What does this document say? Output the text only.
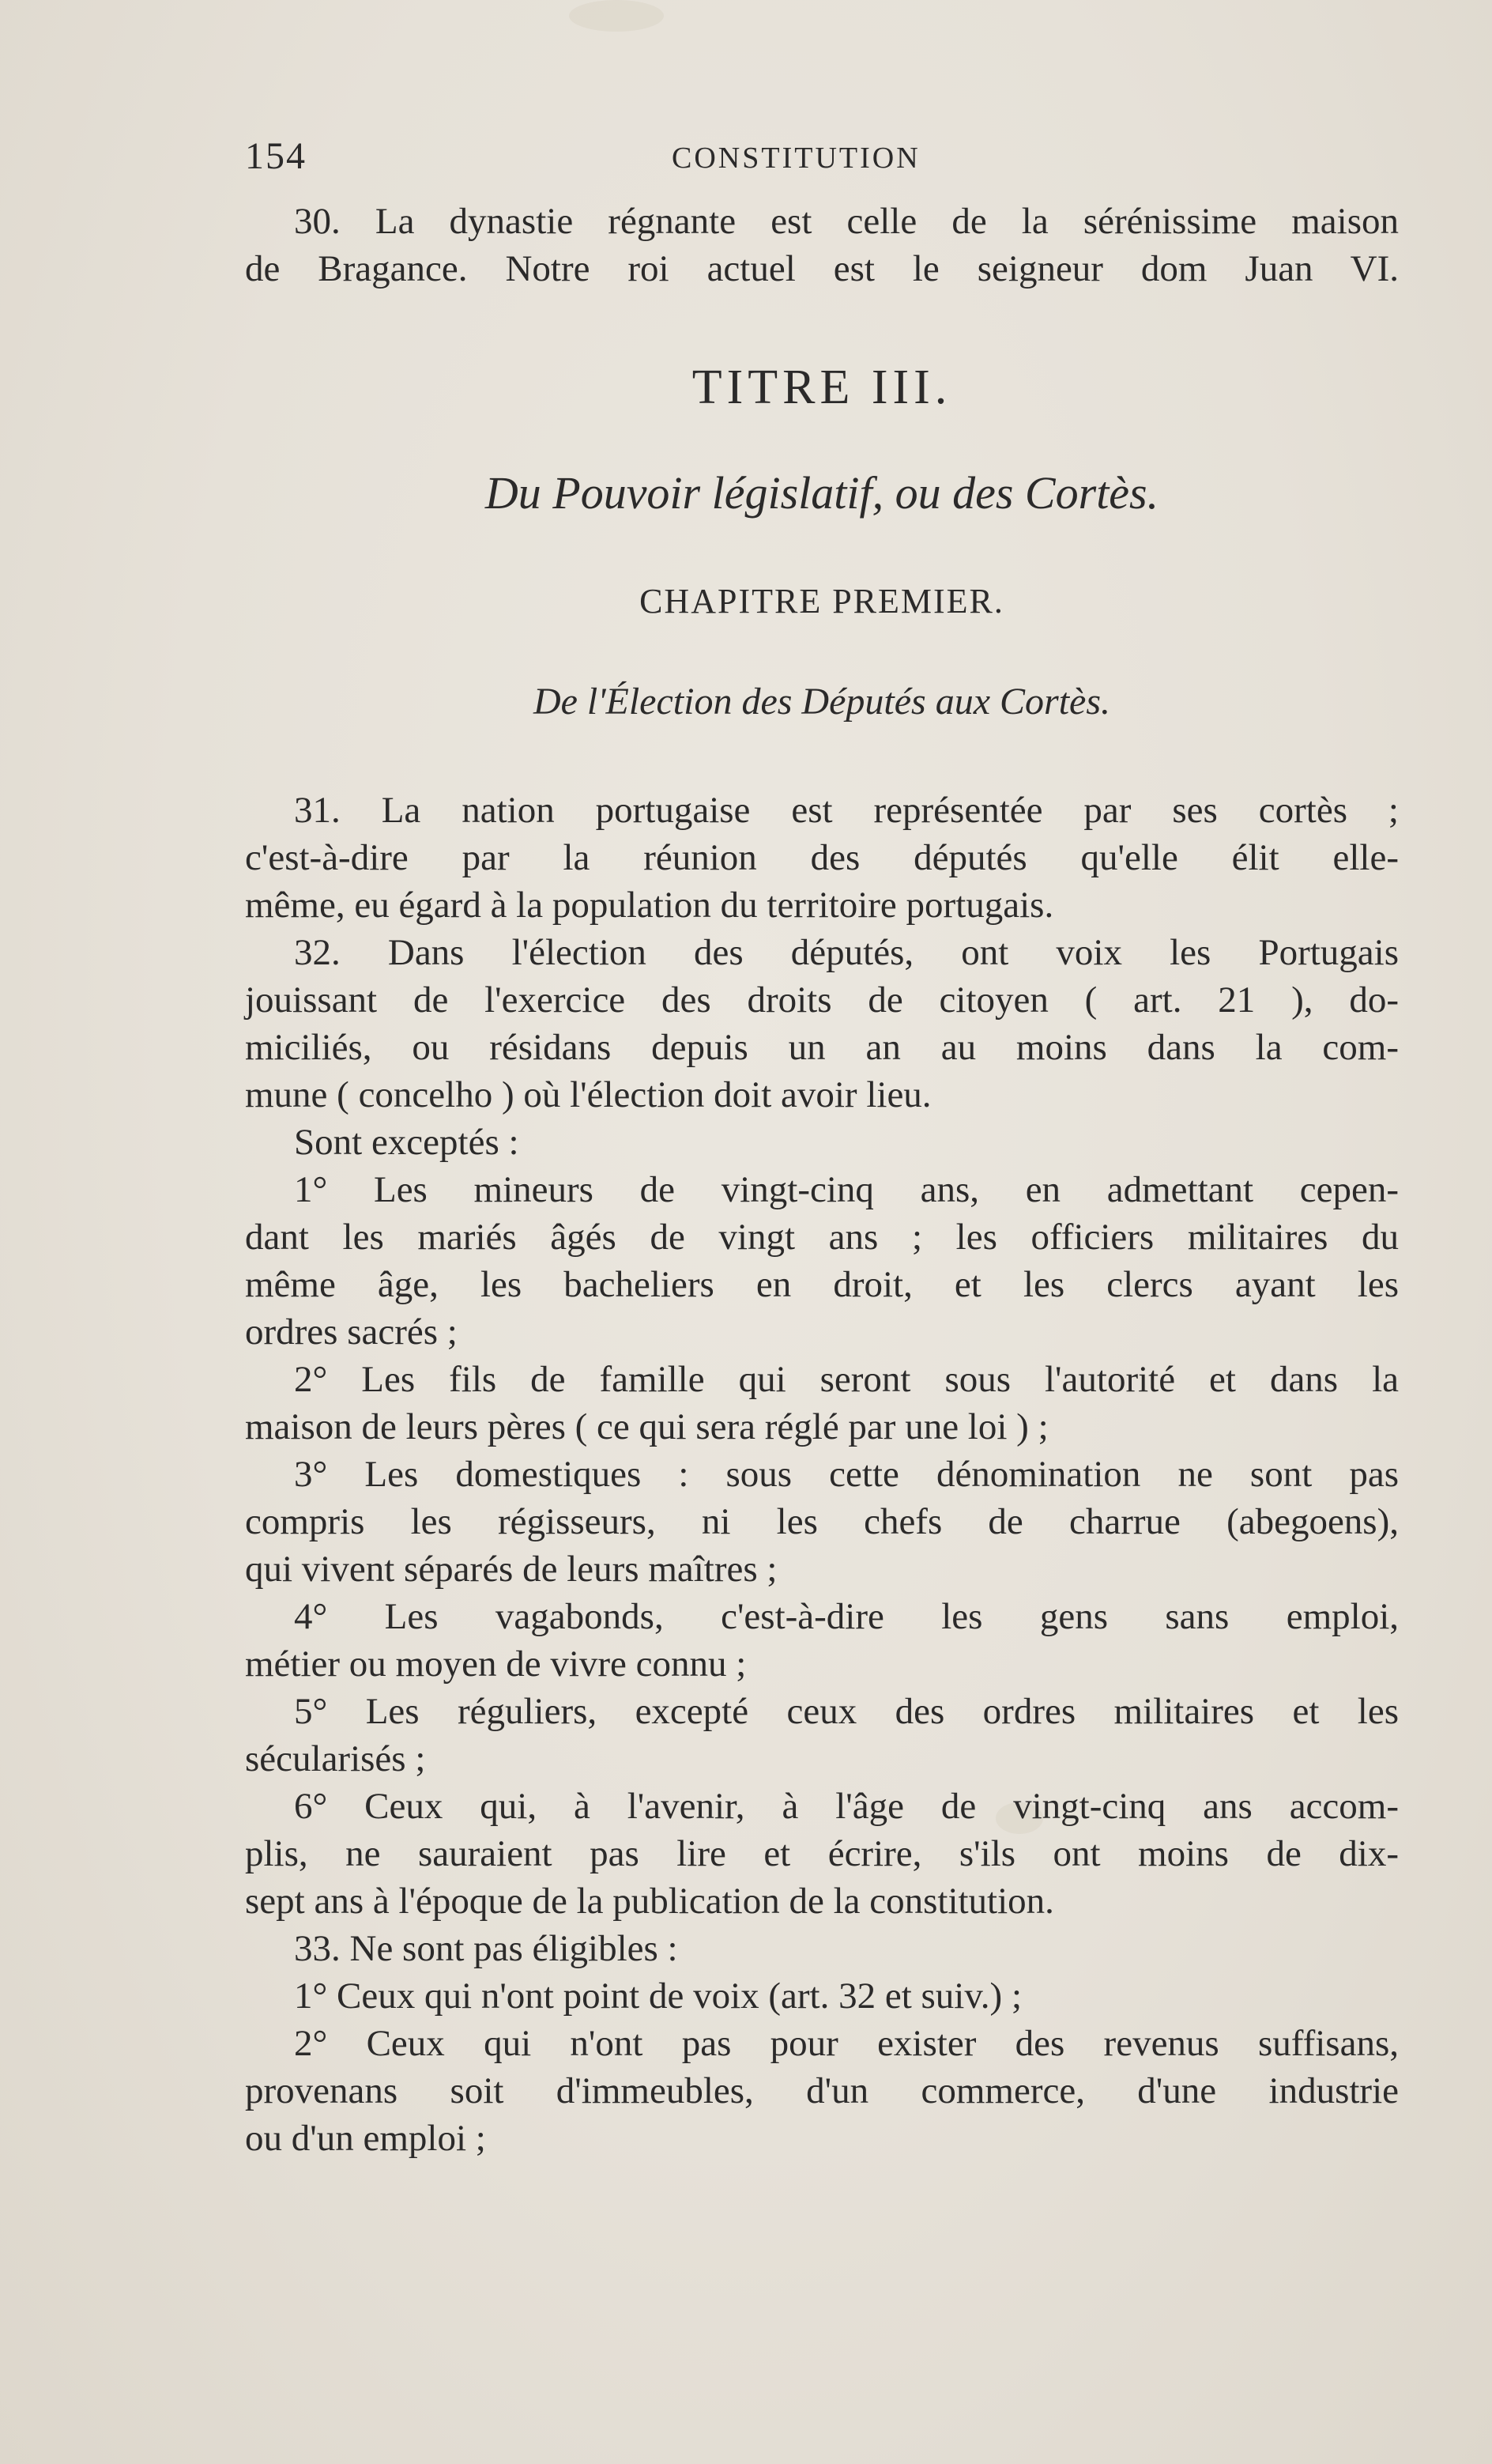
154	CONSTITUTION
30. La dynastie régnante est celle de la sérénissime maison
de Bragance. Notre roi actuel est le seigneur dom Juan VI.
TITRE III.
Du Pouvoir législatif, ou des Cortès.
CHAPITRE PREMIER.
De l'Élection des Députés aux Cortès.
31. La nation portugaise est représentée par ses cortès ;
c'est-à-dire par la réunion des députés qu'elle élit elle-
même, eu égard à la population du territoire portugais.
32. Dans l'élection des députés, ont voix les Portugais
jouissant de l'exercice des droits de citoyen ( art. 21 ), do-
miciliés, ou résidans depuis un an au moins dans la com-
mune ( concelho ) où l'élection doit avoir lieu.
Sont exceptés :
1° Les mineurs de vingt-cinq ans, en admettant cepen-
dant les mariés âgés de vingt ans ; les officiers militaires du
même âge, les bacheliers en droit, et les clercs ayant les
ordres sacrés ;
2° Les fils de famille qui seront sous l'autorité et dans la
maison de leurs pères ( ce qui sera réglé par une loi ) ;
3° Les domestiques : sous cette dénomination ne sont pas
compris les régisseurs, ni les chefs de charrue (abegoens),
qui vivent séparés de leurs maîtres ;
4° Les vagabonds, c'est-à-dire les gens sans emploi,
métier ou moyen de vivre connu ;
5° Les réguliers, excepté ceux des ordres militaires et les
sécularisés ;
6° Ceux qui, à l'avenir, à l'âge de vingt-cinq ans accom-
plis, ne sauraient pas lire et écrire, s'ils ont moins de dix-
sept ans à l'époque de la publication de la constitution.
33. Ne sont pas éligibles :
1° Ceux qui n'ont point de voix (art. 32 et suiv.) ;
2° Ceux qui n'ont pas pour exister des revenus suffisans,
provenans soit d'immeubles, d'un commerce, d'une industrie
ou d'un emploi ;
